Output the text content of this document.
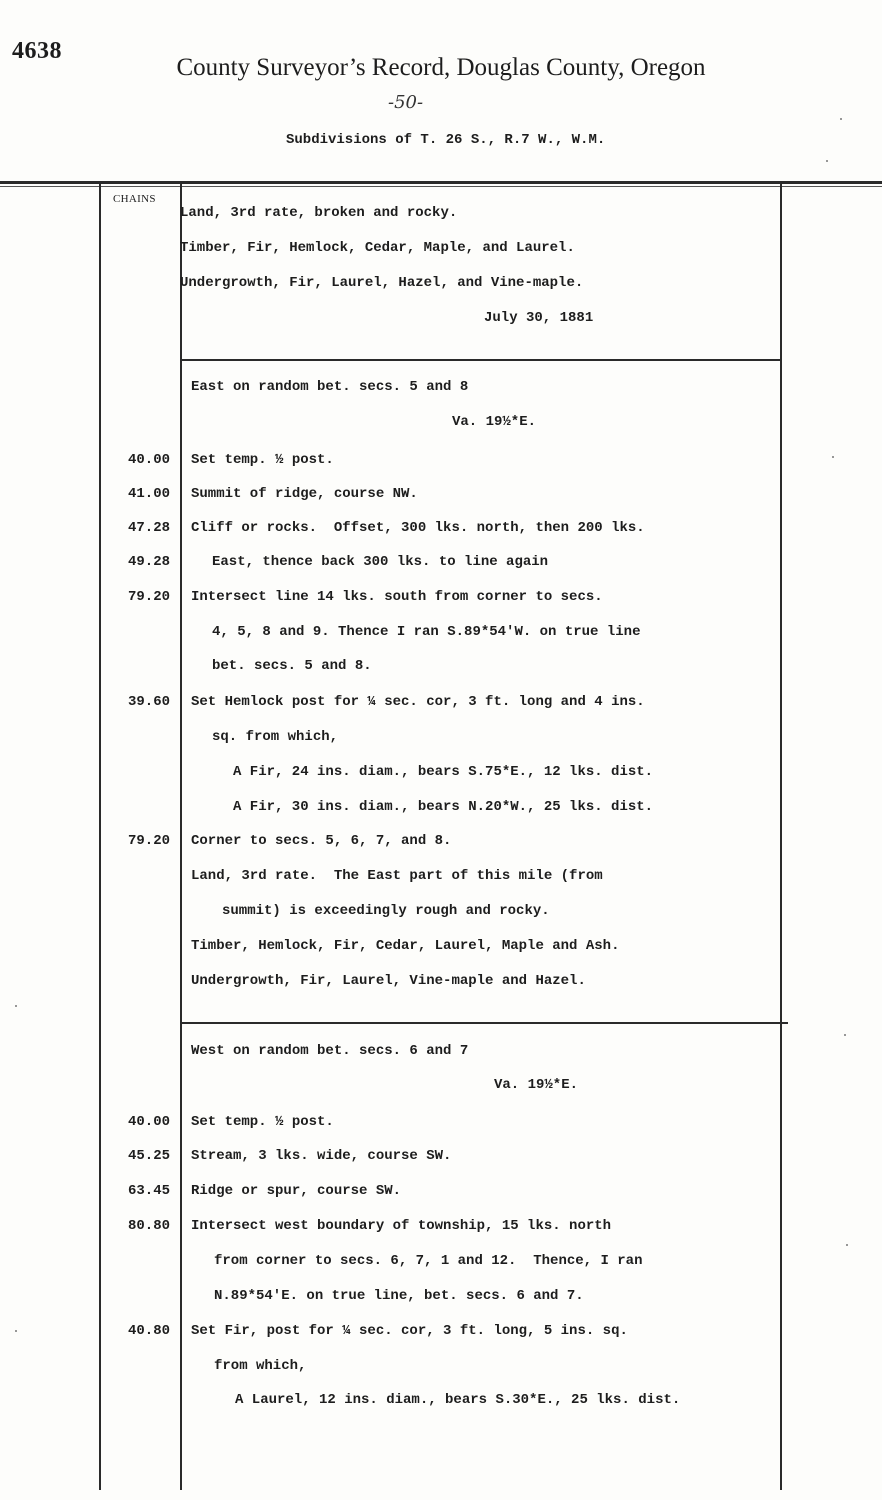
4638
County Surveyor’s Record, Douglas County, Oregon
-50-
Subdivisions of T. 26 S., R.7 W., W.M.
CHAINS
Land, 3rd rate, broken and rocky.
Timber, Fir, Hemlock, Cedar, Maple, and Laurel.
Undergrowth, Fir, Laurel, Hazel, and Vine-maple.
July 30, 1881
East on random bet. secs. 5 and 8
Va. 19½*E.
40.00 Set temp. ½ post.
41.00 Summit of ridge, course NW.
47.28 Cliff or rocks.  Offset, 300 lks. north, then 200 lks.
49.28	East, thence back 300 lks. to line again
79.20 Intersect line 14 lks. south from corner to secs.
4, 5, 8 and 9. Thence I ran S.89*54'W. on true line
bet. secs. 5 and 8.
39.60 Set Hemlock post for ¼ sec. cor, 3 ft. long and 4 ins.
sq. from which,
A Fir, 24 ins. diam., bears S.75*E., 12 lks. dist.
A Fir, 30 ins. diam., bears N.20*W., 25 lks. dist.
79.20 Corner to secs. 5, 6, 7, and 8.
Land, 3rd rate.  The East part of this mile (from
summit) is exceedingly rough and rocky.
Timber, Hemlock, Fir, Cedar, Laurel, Maple and Ash.
Undergrowth, Fir, Laurel, Vine-maple and Hazel.
West on random bet. secs. 6 and 7
Va. 19½*E.
40.00 Set temp. ½ post.
45.25 Stream, 3 lks. wide, course SW.
63.45 Ridge or spur, course SW.
80.80 Intersect west boundary of township, 15 lks. north
from corner to secs. 6, 7, 1 and 12.  Thence, I ran
N.89*54'E. on true line, bet. secs. 6 and 7.
40.80 Set Fir, post for ¼ sec. cor, 3 ft. long, 5 ins. sq.
from which,
A Laurel, 12 ins. diam., bears S.30*E., 25 lks. dist.
